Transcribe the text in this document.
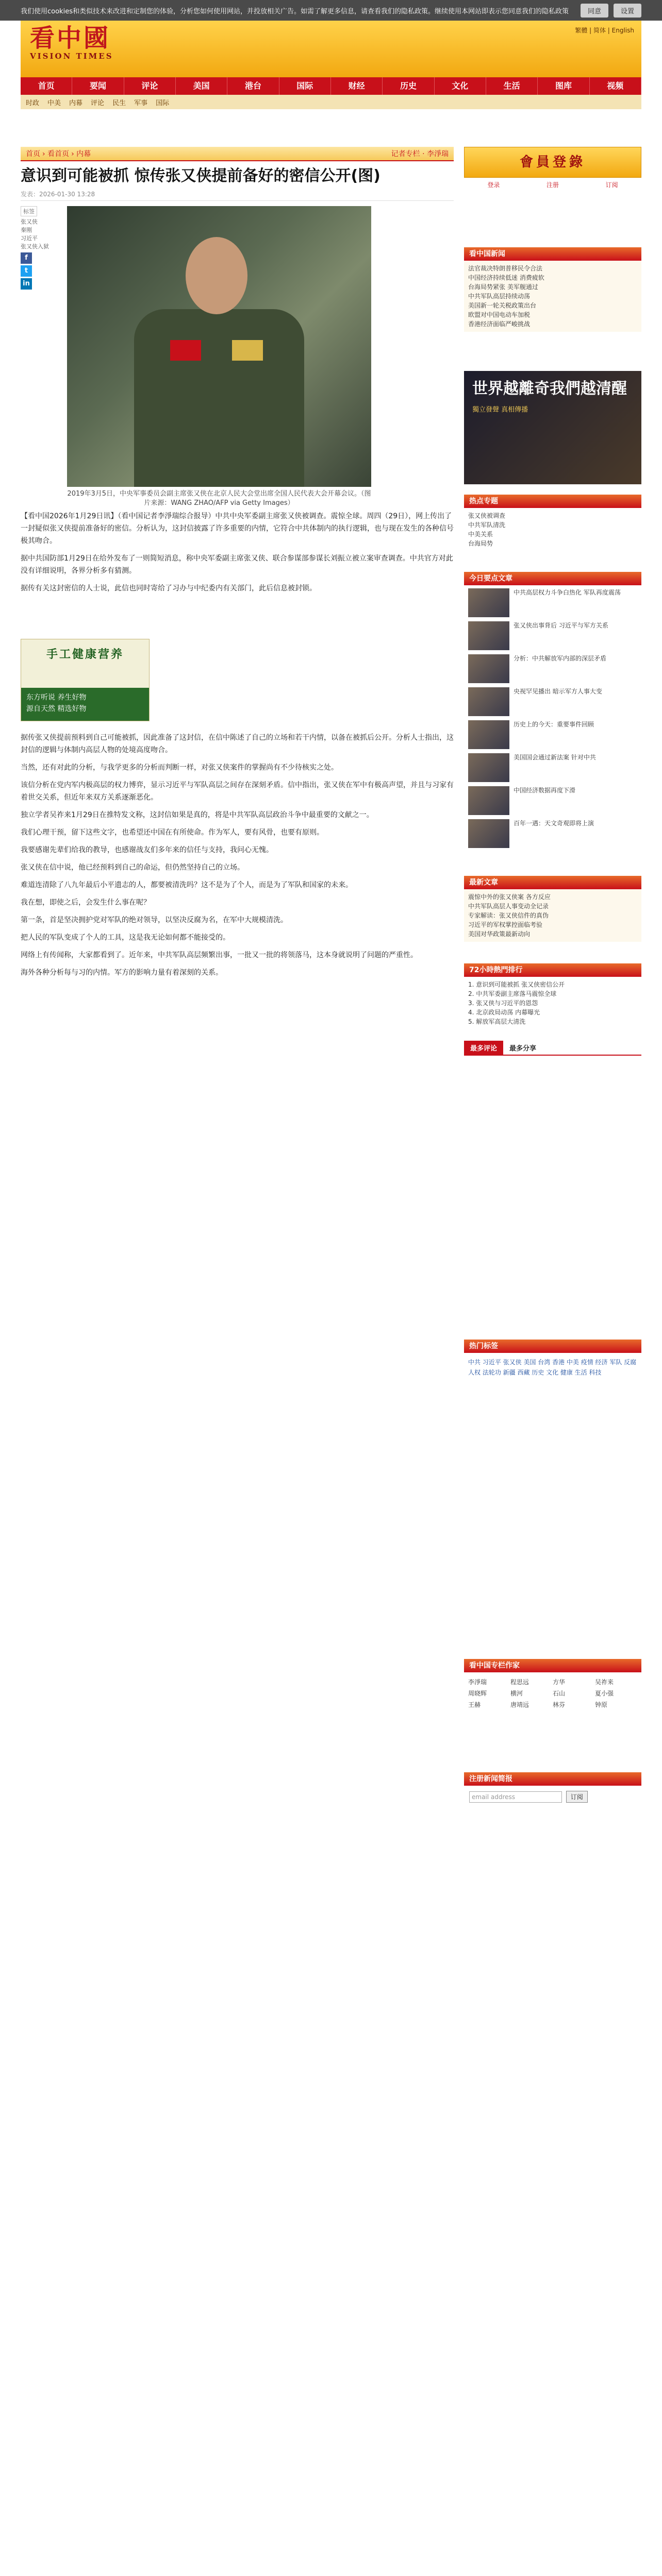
我们使用cookies和类似技术来改进和定制您的体验，分析您如何使用网站，并投放相关广告。如需了解更多信息，请查看我们的隐私政策。继续使用本网站即表示您同意我们的隐私政策	同意	设置
看中國
VISION TIMES
繁體 | 简体 | English
首页	要闻	评论	美国	港台	国际	财经	历史	文化	生活	图库	视频
时政 中美 内幕 评论 民生 军事 国际
首页 › 看首页 › 内幕	记者专栏 · 李淨瑞
意识到可能被抓 惊传张又侠提前备好的密信公开(图)
发表：2026-01-30 13:28
标签
张又侠
秦刚
习近平
张又侠入狱
f
t
in
2019年3月5日，中央军事委员会副主席张又侠在北京人民大会堂出席全国人民代表大会开幕会议。（图片来源：WANG ZHAO/AFP via Getty Images）

【看中国2026年1月29日讯】（看中国记者李淨瑞综合报导）中共中央军委副主席张又侠被调查。震惊全球。周四（29日），网上传出了一封疑似张又侠提前准备好的密信。分析认为，这封信披露了许多重要的内情，它符合中共体制内的执行逻辑，也与现在发生的各种信号极其吻合。

据中共国防部1月29日在给外发布了一则简短消息，称中央军委副主席张又侠、联合参谋部参谋长刘振立被立案审查调查。中共官方对此没有详细说明，各界分析多有猜测。

据传有关这封密信的人士说，此信也同时寄给了习办与中纪委内有关部门，此后信息被封锁。

手工健康营养
东方听说 养生好物
源自天然 精选好物

据传张又侠提前预料到自己可能被抓，因此准备了这封信，在信中陈述了自己的立场和若干内情，以备在被抓后公开。分析人士指出，这封信的逻辑与体制内高层人物的处境高度吻合。

当然，还有对此的分析，与我学更多的分析而判断一样，对张又侠案件的掌握尚有不少待核实之处。

该信分析在党内军内极高层的权力博弈，显示习近平与军队高层之间存在深刻矛盾。信中指出，张又侠在军中有极高声望，并且与习家有着世交关系，但近年来双方关系逐渐恶化。

独立学者吴祚来1月29日在推特发文称，这封信如果是真的，将是中共军队高层政治斗争中最重要的文献之一。

我们心理干预，留下这些文字，也希望还中国在有所使命。作为军人，要有风骨，也要有原则。

我要感谢先辈们给我的教导，也感谢战友们多年来的信任与支持，我问心无愧。

张又侠在信中说，他已经预料到自己的命运，但仍然坚持自己的立场。

难道连清除了八九年最后小平遗志的人，都要被清洗吗？这不是为了个人，而是为了军队和国家的未来。

我在想，即使之后，会发生什么事在呢？

第一条，首是坚决拥护党对军队的绝对领导，以坚决反腐为名，在军中大规模清洗。

把人民的军队变成了个人的工具，这是我无论如何都不能接受的。

网络上有传闻称，大家都看到了。近年来，中共军队高层频繁出事，一批又一批的将领落马，这本身就说明了问题的严重性。

海外各种分析每与习的内情。军方的影响力量有着深刻的关系。

會員登錄
登录	注册	订阅
看中国新闻
法官裁决特朗普移民令合法
中国经济持续低迷 消费疲软
台海局势紧张 美军舰通过
中共军队高层持续动荡
美国新一轮关税政策出台
欧盟对中国电动车加税
香港经济面临严峻挑战
世界越離奇我們越清醒
獨立發聲 真相傳播
热点专题
张又侠被调查
中共军队清洗
中美关系
台海局势
今日要点文章
中共高层权力斗争白热化 军队再度震荡
张又侠出事背后 习近平与军方关系
分析：中共解放军内部的深层矛盾
央视罕见播出 暗示军方人事大变
历史上的今天：重要事件回顾
美国国会通过新法案 针对中共
中国经济数据再度下滑
百年一遇：天文奇观即将上演
最新文章
震惊中外的张又侠案 各方反应
中共军队高层人事变动全记录
专家解读：张又侠信件的真伪
习近平的军权掌控面临考验
美国对华政策最新动向
72小時熱門排行
1. 意识到可能被抓 张又侠密信公开
2. 中共军委副主席落马震惊全球
3. 张又侠与习近平的恩怨
4. 北京政局动荡 内幕曝光
5. 解放军高层大清洗
最多评论	最多分享
热门标签
中共 习近平 张又侠 美国 台湾 香港 中美 疫情 经济 军队 反腐 人权 法轮功 新疆 西藏 历史 文化 健康 生活 科技
看中国专栏作家
李淨瑞	程思远	方华	吴祚来
周晓辉	横河	石山	夏小强
王赫	唐靖远	林芬	钟原
注册新闻简报
email address	订阅
